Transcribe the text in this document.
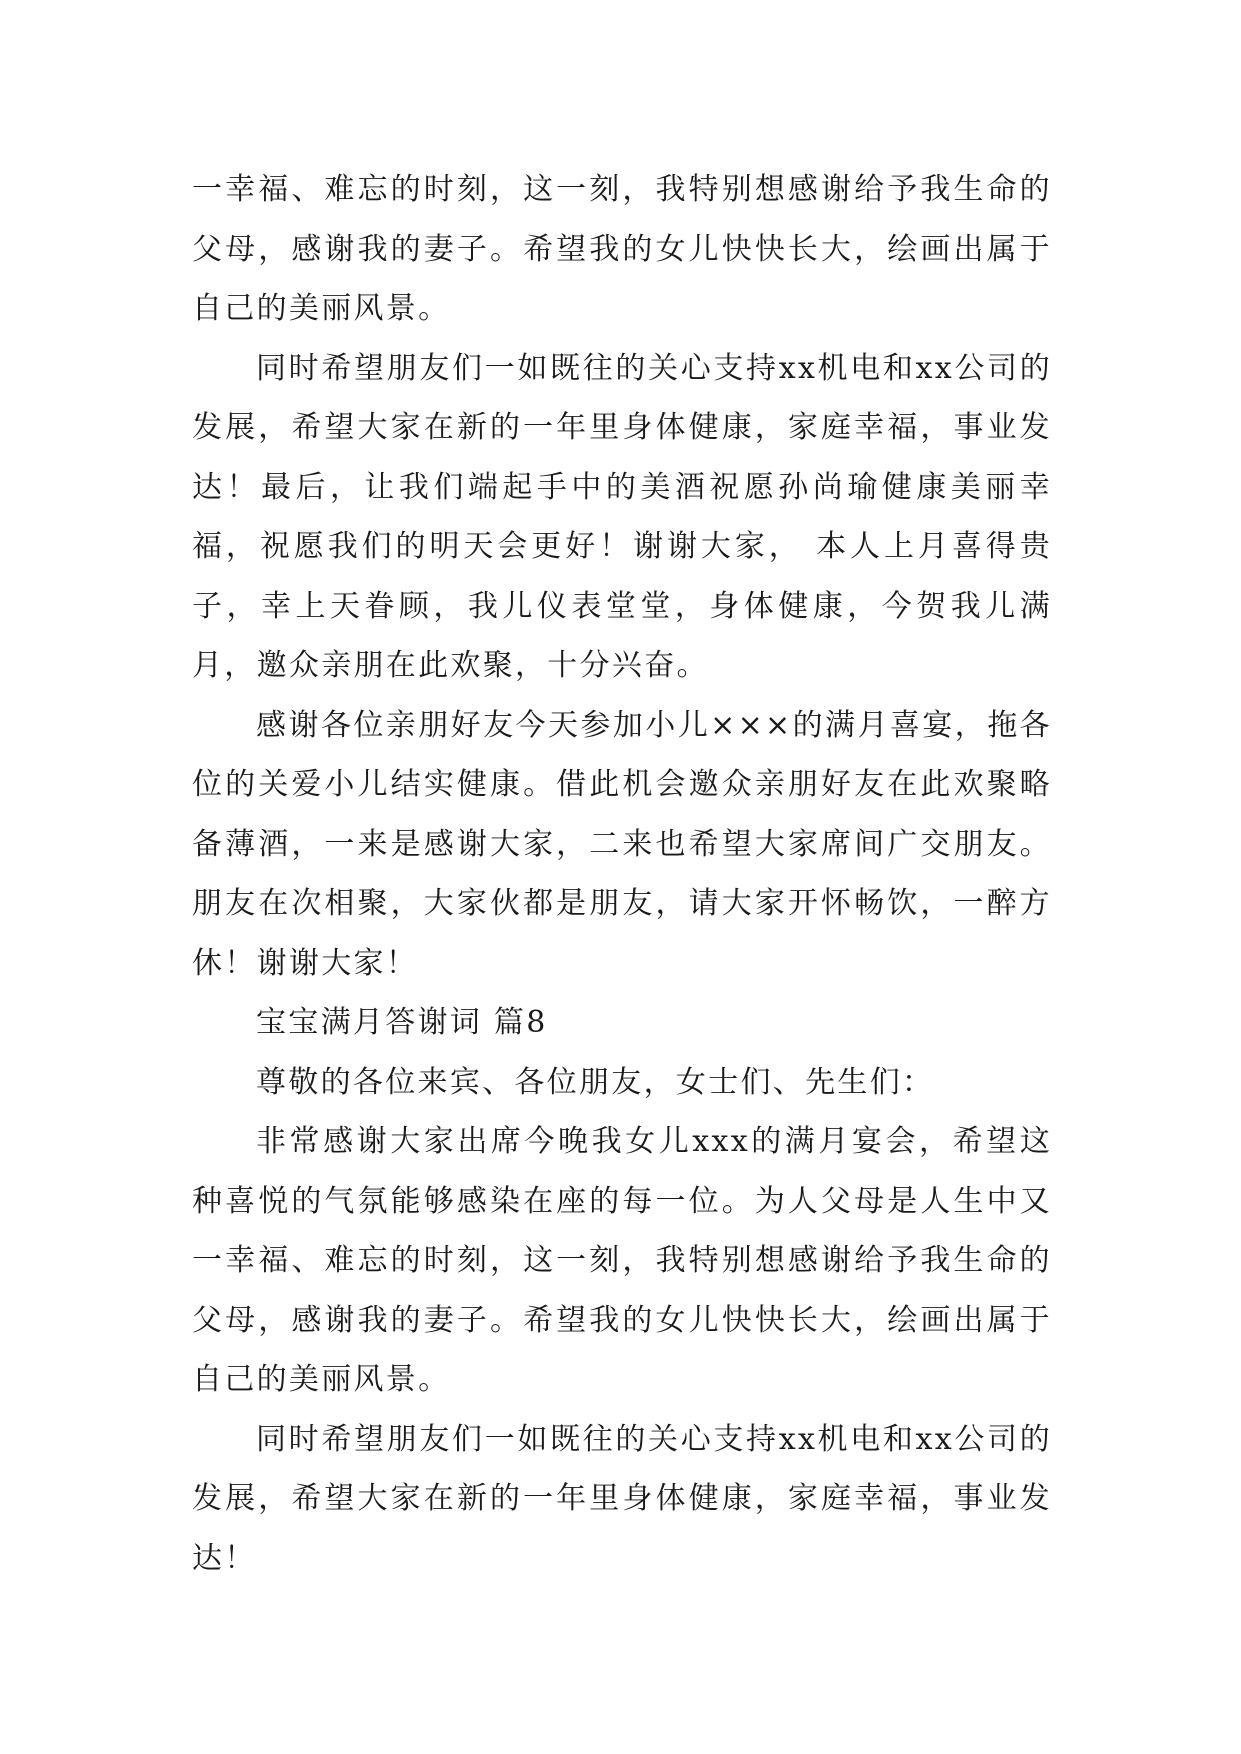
一幸福、难忘的时刻，这一刻，我特别想感谢给予我生命的父母，感谢我的妻子。希望我的女儿快快长大，绘画出属于自己的美丽风景。

同时希望朋友们一如既往的关心支持xx机电和xx公司的发展，希望大家在新的一年里身体健康，家庭幸福，事业发达！最后，让我们端起手中的美酒祝愿孙尚瑜健康美丽幸福，祝愿我们的明天会更好！谢谢大家， 本人上月喜得贵子，幸上天眷顾，我儿仪表堂堂，身体健康，今贺我儿满月，邀众亲朋在此欢聚，十分兴奋。

感谢各位亲朋好友今天参加小儿×××的满月喜宴，拖各位的关爱小儿结实健康。借此机会邀众亲朋好友在此欢聚略备薄酒，一来是感谢大家，二来也希望大家席间广交朋友。朋友在次相聚，大家伙都是朋友，请大家开怀畅饮，一醉方休！谢谢大家！

宝宝满月答谢词 篇8

尊敬的各位来宾、各位朋友，女士们、先生们：

非常感谢大家出席今晚我女儿xxx的满月宴会，希望这种喜悦的气氛能够感染在座的每一位。为人父母是人生中又一幸福、难忘的时刻，这一刻，我特别想感谢给予我生命的父母，感谢我的妻子。希望我的女儿快快长大，绘画出属于自己的美丽风景。

同时希望朋友们一如既往的关心支持xx机电和xx公司的发展，希望大家在新的一年里身体健康，家庭幸福，事业发达！
